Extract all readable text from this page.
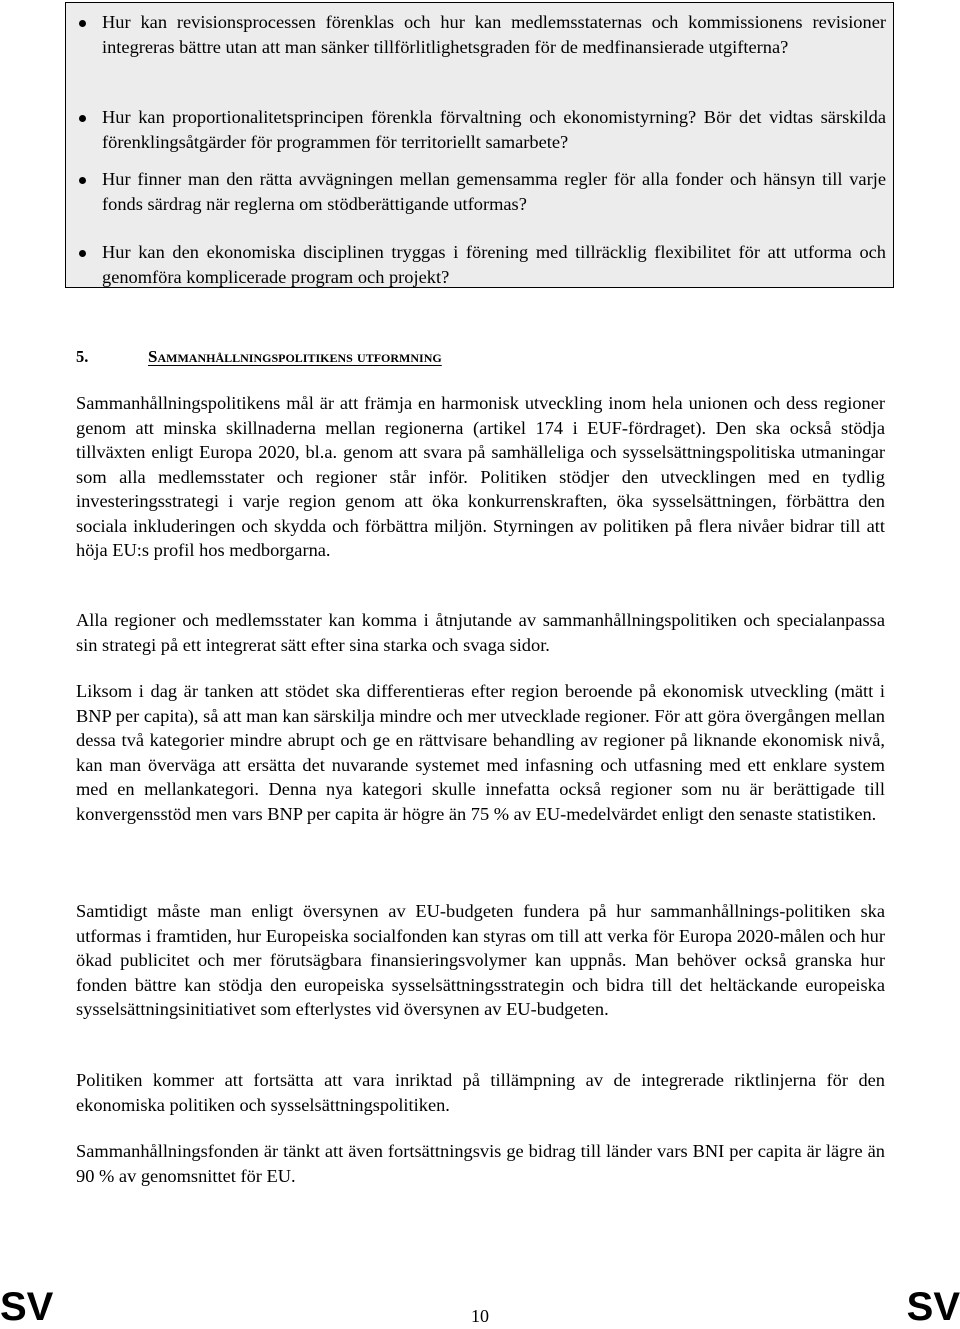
Hur kan revisionsprocessen förenklas och hur kan medlemsstaternas och kommissionens revisioner integreras bättre utan att man sänker tillförlitlighetsgraden för de medfinansierade utgifterna?
Hur kan proportionalitetsprincipen förenkla förvaltning och ekonomistyrning? Bör det vidtas särskilda förenklingsåtgärder för programmen för territoriellt samarbete?
Hur finner man den rätta avvägningen mellan gemensamma regler för alla fonder och hänsyn till varje fonds särdrag när reglerna om stödberättigande utformas?
Hur kan den ekonomiska disciplinen tryggas i förening med tillräcklig flexibilitet för att utforma och genomföra komplicerade program och projekt?
5.	Sammanhållningspolitikens utformning
Sammanhållningspolitikens mål är att främja en harmonisk utveckling inom hela unionen och dess regioner genom att minska skillnaderna mellan regionerna (artikel 174 i EUF-fördraget). Den ska också stödja tillväxten enligt Europa 2020, bl.a. genom att svara på samhälleliga och sysselsättningspolitiska utmaningar som alla medlemsstater och regioner står inför. Politiken stödjer den utvecklingen med en tydlig investeringsstrategi i varje region genom att öka konkurrenskraften, öka sysselsättningen, förbättra den sociala inkluderingen och skydda och förbättra miljön. Styrningen av politiken på flera nivåer bidrar till att höja EU:s profil hos medborgarna.
Alla regioner och medlemsstater kan komma i åtnjutande av sammanhållningspolitiken och specialanpassa sin strategi på ett integrerat sätt efter sina starka och svaga sidor.
Liksom i dag är tanken att stödet ska differentieras efter region beroende på ekonomisk utveckling (mätt i BNP per capita), så att man kan särskilja mindre och mer utvecklade regioner. För att göra övergången mellan dessa två kategorier mindre abrupt och ge en rättvisare behandling av regioner på liknande ekonomisk nivå, kan man överväga att ersätta det nuvarande systemet med infasning och utfasning med ett enklare system med en mellankategori. Denna nya kategori skulle innefatta också regioner som nu är berättigade till konvergensstöd men vars BNP per capita är högre än 75 % av EU-medelvärdet enligt den senaste statistiken.
Samtidigt måste man enligt översynen av EU-budgeten fundera på hur sammanhållnings-politiken ska utformas i framtiden, hur Europeiska socialfonden kan styras om till att verka för Europa 2020-målen och hur ökad publicitet och mer förutsägbara finansieringsvolymer kan uppnås. Man behöver också granska hur fonden bättre kan stödja den europeiska sysselsättningsstrategin och bidra till det heltäckande europeiska sysselsättningsinitiativet som efterlystes vid översynen av EU-budgeten.
Politiken kommer att fortsätta att vara inriktad på tillämpning av de integrerade riktlinjerna för den ekonomiska politiken och sysselsättningspolitiken.
Sammanhållningsfonden är tänkt att även fortsättningsvis ge bidrag till länder vars BNI per capita är lägre än 90 % av genomsnittet för EU.
SV	10	SV
